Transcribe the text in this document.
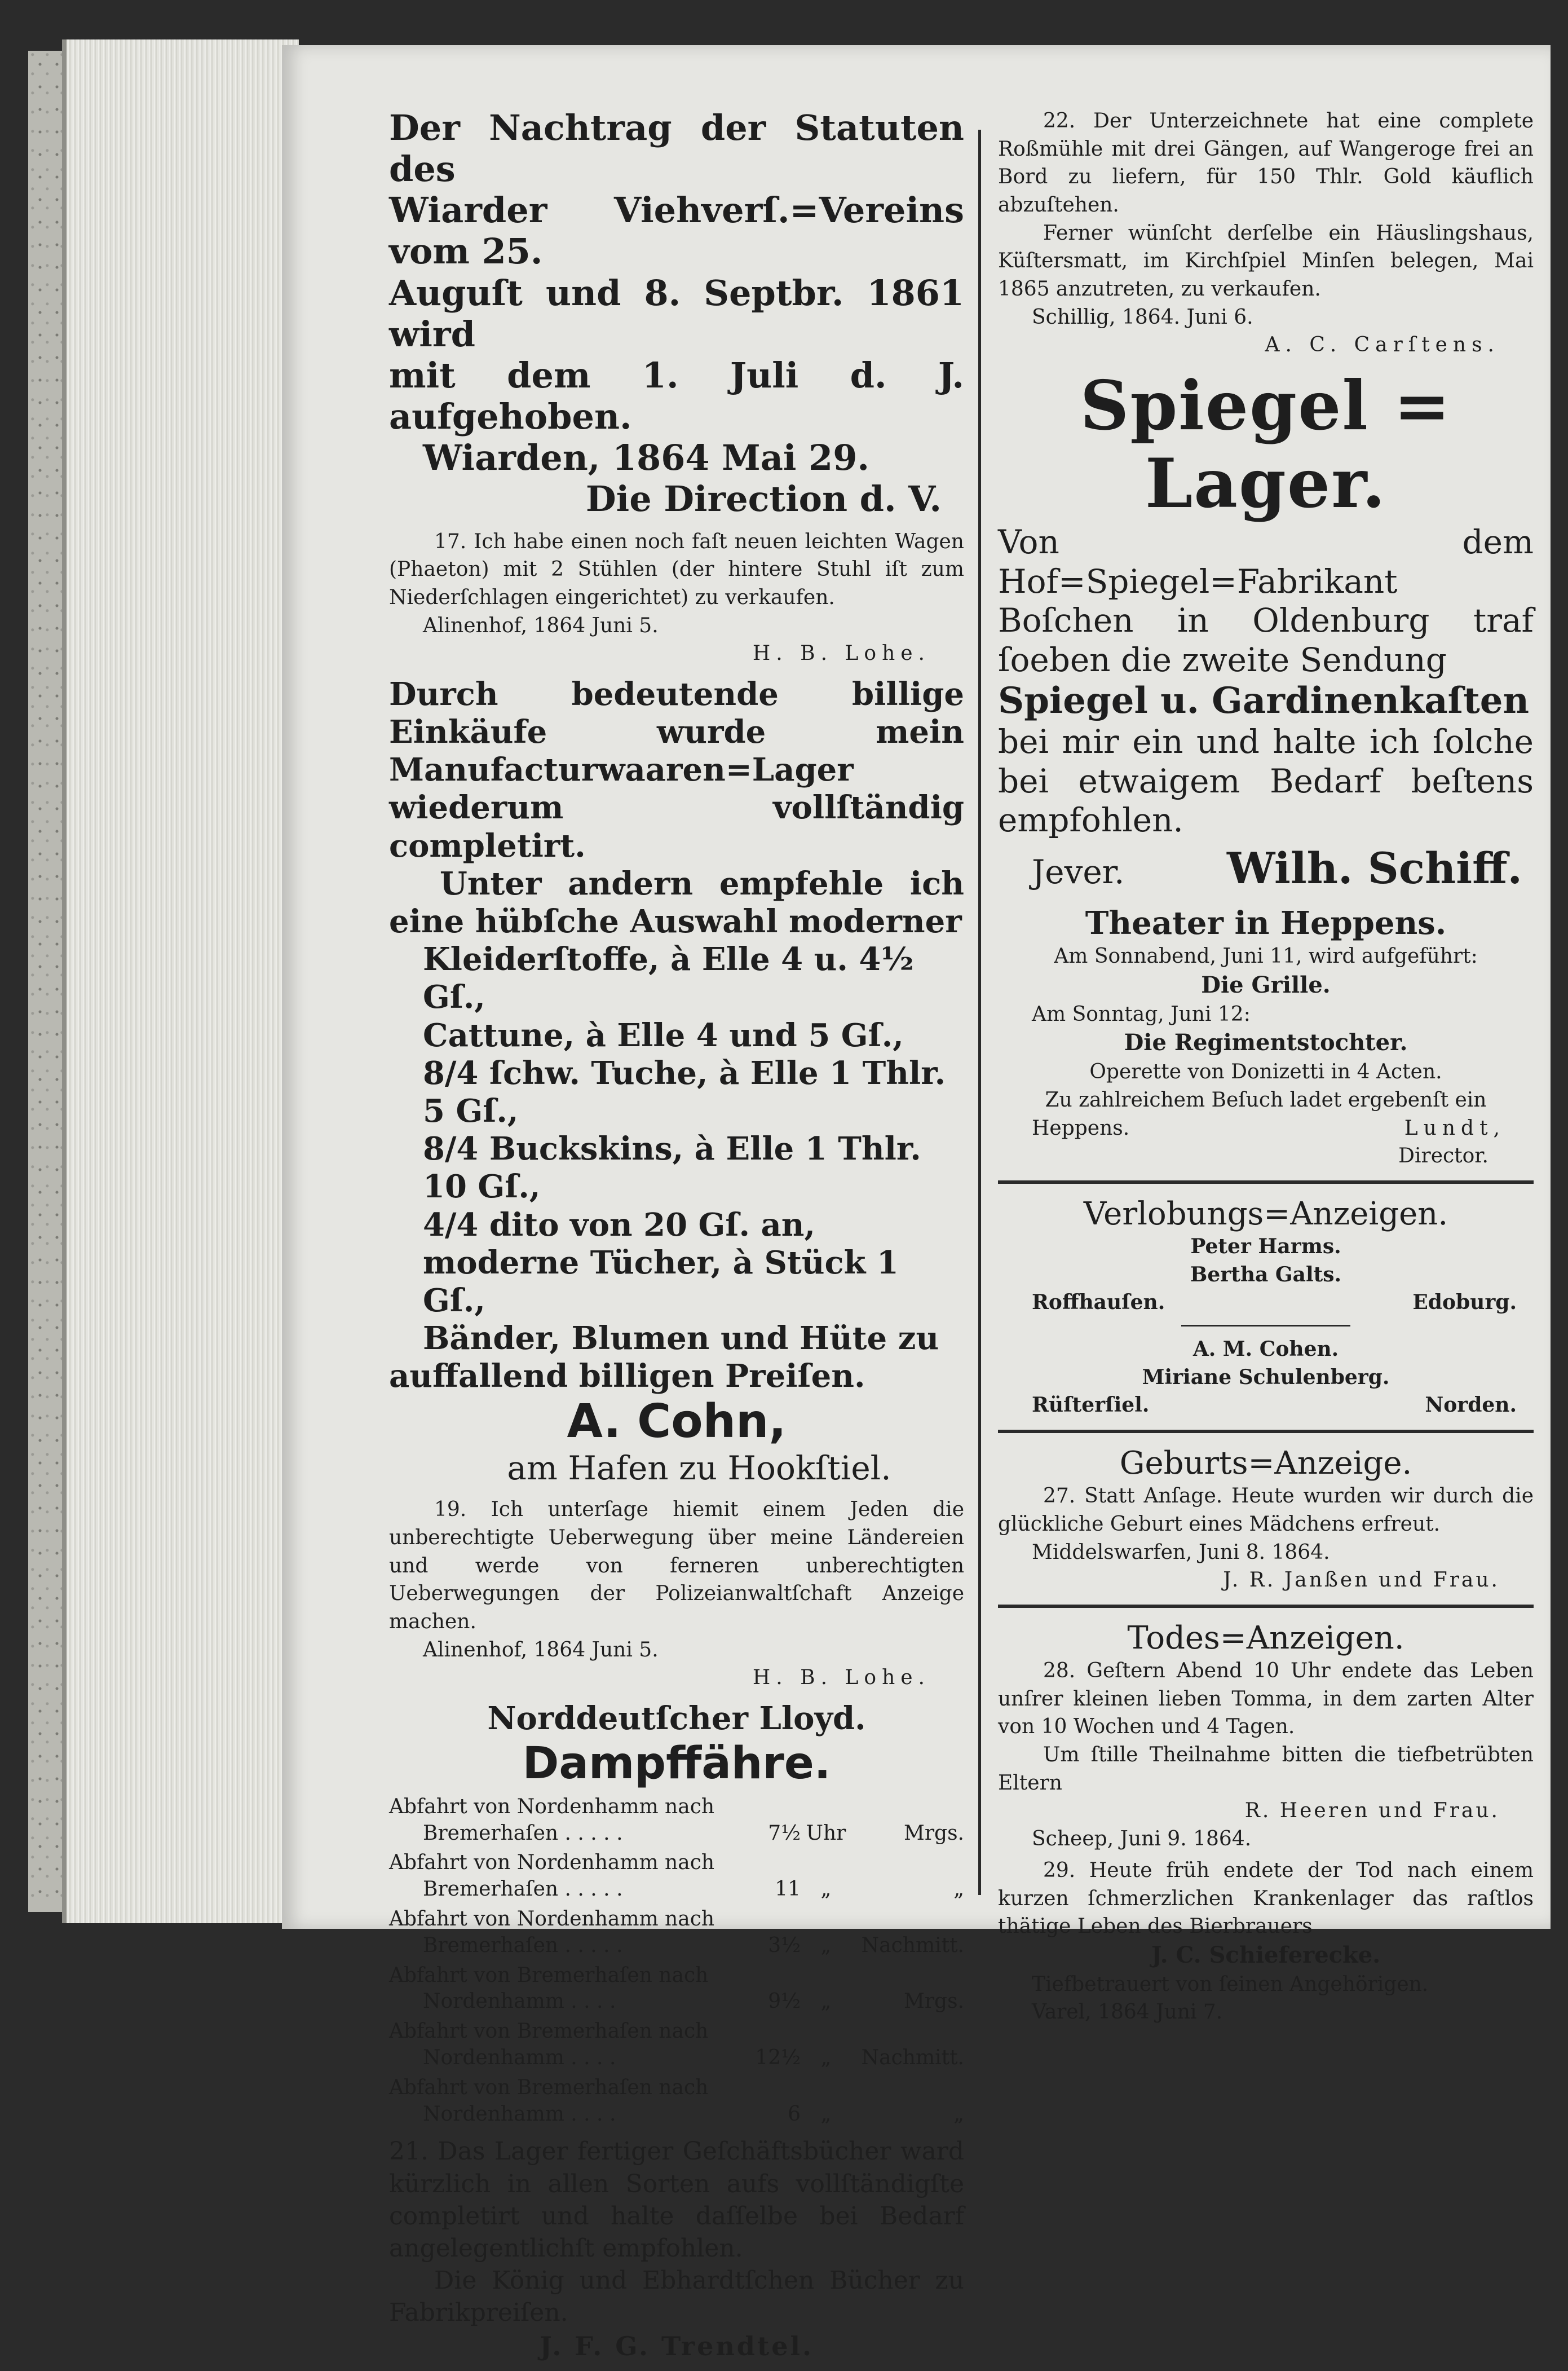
Der Nachtrag der Statuten des
Wiarder Viehverſ.=Vereins vom 25.
Auguſt und 8. Septbr. 1861 wird
mit dem 1. Juli d. J. aufgehoben.
Wiarden, 1864 Mai 29.
Die Direction d. V.
17. Ich habe einen noch faſt neuen leichten Wagen (Phaeton) mit 2 Stühlen (der hintere Stuhl iſt zum Niederſchlagen eingerichtet) zu verkaufen.
Alinenhof, 1864 Juni 5.
H. B. Lohe.
Durch bedeutende billige Einkäufe wurde mein Manufacturwaaren=Lager wiederum vollſtändig completirt.
Unter andern empfehle ich eine hübſche Auswahl moderner
Kleiderſtoffe, à Elle 4 u. 4½ Gſ.,
Cattune, à Elle 4 und 5 Gſ.,
8/4 ſchw. Tuche, à Elle 1 Thlr. 5 Gſ.,
8/4 Buckskins, à Elle 1 Thlr. 10 Gſ.,
4/4 dito von 20 Gſ. an,
moderne Tücher, à Stück 1 Gſ.,
Bänder, Blumen und Hüte zu
auffallend billigen Preiſen.
A. Cohn,
am Hafen zu Hookſtiel.
19. Ich unterſage hiemit einem Jeden die unberechtigte Ueberwegung über meine Ländereien und werde von ferneren unberechtigten Ueberwegungen der Polizeianwaltſchaft Anzeige machen.
Alinenhof, 1864 Juni 5.
H. B. Lohe.
Norddeutſcher Lloyd.
Dampffähre.
Abfahrt von Nordenhamm nach			
Bremerhaſen . . . . .	7½	Uhr	Mrgs.
Abfahrt von Nordenhamm nach			
Bremerhaſen . . . . .	11	„	„
Abfahrt von Nordenhamm nach			
Bremerhaſen . . . . .	3½	„	Nachmitt.
Abfahrt von Bremerhaſen nach			
Nordenhamm . . . .	9½	„	Mrgs.
Abfahrt von Bremerhaſen nach			
Nordenhamm . . . .	12½	„	Nachmitt.
Abfahrt von Bremerhaſen nach			
Nordenhamm . . . .	6	„	„
21. Das Lager fertiger Geſchäftsbücher ward kürzlich in allen Sorten aufs vollſtändigſte completirt und halte daſſelbe bei Bedarf angelegentlichſt empfohlen.
Die König und Ebhardtſchen Bücher zu Fabrikpreiſen.
J. F. G. Trendtel.
22. Der Unterzeichnete hat eine complete Roßmühle mit drei Gängen, auf Wangeroge frei an Bord zu liefern, für 150 Thlr. Gold käuflich abzuſtehen.
Ferner wünſcht derſelbe ein Häuslingshaus, Küſtersmatt, im Kirchſpiel Minſen belegen, Mai 1865 anzutreten, zu verkaufen.
Schillig, 1864. Juni 6.
A. C. Carſtens.
Spiegel = Lager.
Von dem Hof=Spiegel=Fabrikant Boſchen in Oldenburg traf ſoeben die zweite Sendung
Spiegel u. Gardinenkaſten
bei mir ein und halte ich ſolche bei etwaigem Bedarf beſtens empfohlen.
Jever. Wilh. Schiff.
Theater in Heppens.
Am Sonnabend, Juni 11, wird aufgeführt:
Die Grille.
Am Sonntag, Juni 12:
Die Regimentstochter.
Operette von Donizetti in 4 Acten.
Zu zahlreichem Beſuch ladet ergebenſt ein
Heppens.	Lundt,
Director.
Verlobungs=Anzeigen.
Peter Harms.
Bertha Galts.
Roffhauſen.	Edoburg.
A. M. Cohen.
Miriane Schulenberg.
Rüſterſiel.	Norden.
Geburts=Anzeige.
27. Statt Anſage. Heute wurden wir durch die glückliche Geburt eines Mädchens erfreut.
Middelswarfen, Juni 8. 1864.
J. R. Janßen und Frau.
Todes=Anzeigen.
28. Geſtern Abend 10 Uhr endete das Leben unſrer kleinen lieben Tomma, in dem zarten Alter von 10 Wochen und 4 Tagen.
Um ſtille Theilnahme bitten die tiefbetrübten Eltern
R. Heeren und Frau.
Scheep, Juni 9. 1864.
29. Heute früh endete der Tod nach einem kurzen ſchmerzlichen Krankenlager das raſtlos thätige Leben des Bierbrauers
J. C. Schieferecke.
Tiefbetrauert von ſeinen Angehörigen.
Varel, 1864 Juni 7.
